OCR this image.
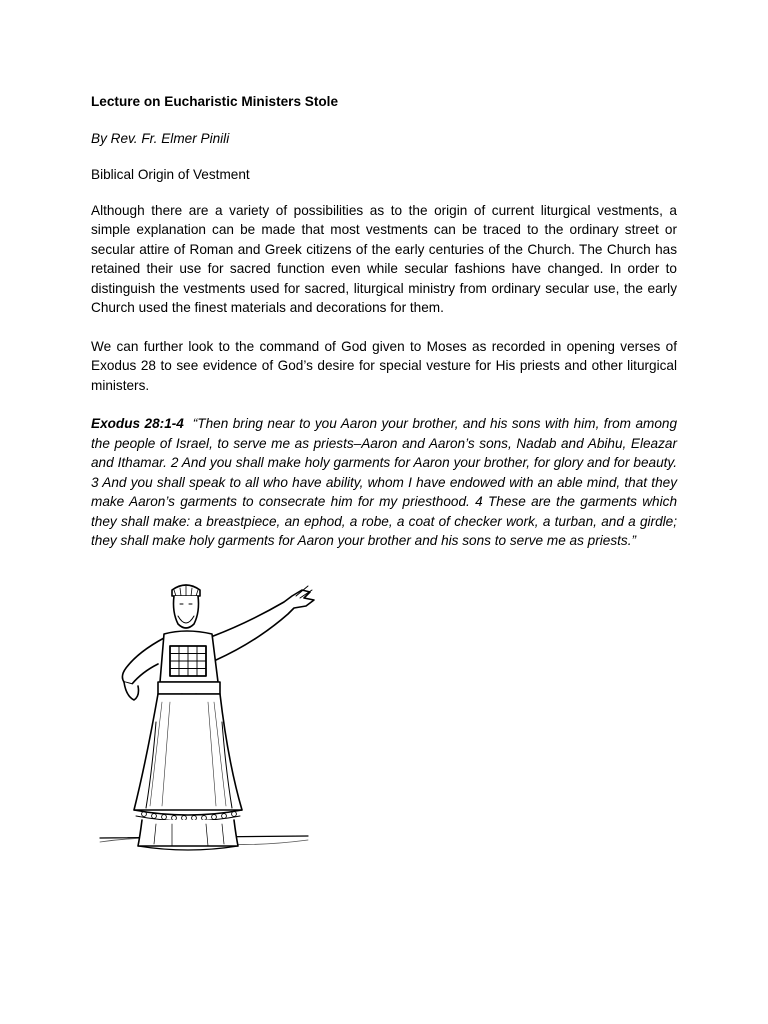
Lecture on Eucharistic Ministers Stole

By Rev. Fr. Elmer Pinili

Biblical Origin of Vestment

Although there are a variety of possibilities as to the origin of current liturgical vestments, a simple explanation can be made that most vestments can be traced to the ordinary street or secular attire of Roman and Greek citizens of the early centuries of the Church. The Church has retained their use for sacred function even while secular fashions have changed. In order to distinguish the vestments used for sacred, liturgical ministry from ordinary secular use, the early Church used the finest materials and decorations for them.

We can further look to the command of God given to Moses as recorded in opening verses of Exodus 28 to see evidence of God’s desire for special vesture for His priests and other liturgical ministers.

Exodus 28:1-4 “Then bring near to you Aaron your brother, and his sons with him, from among the people of Israel, to serve me as priests–Aaron and Aaron’s sons, Nadab and Abihu, Eleazar and Ithamar. 2 And you shall make holy garments for Aaron your brother, for glory and for beauty. 3 And you shall speak to all who have ability, whom I have endowed with an able mind, that they make Aaron’s garments to consecrate him for my priesthood. 4 These are the garments which they shall make: a breastpiece, an ephod, a robe, a coat of checker work, a turban, and a girdle; they shall make holy garments for Aaron your brother and his sons to serve me as priests.”
